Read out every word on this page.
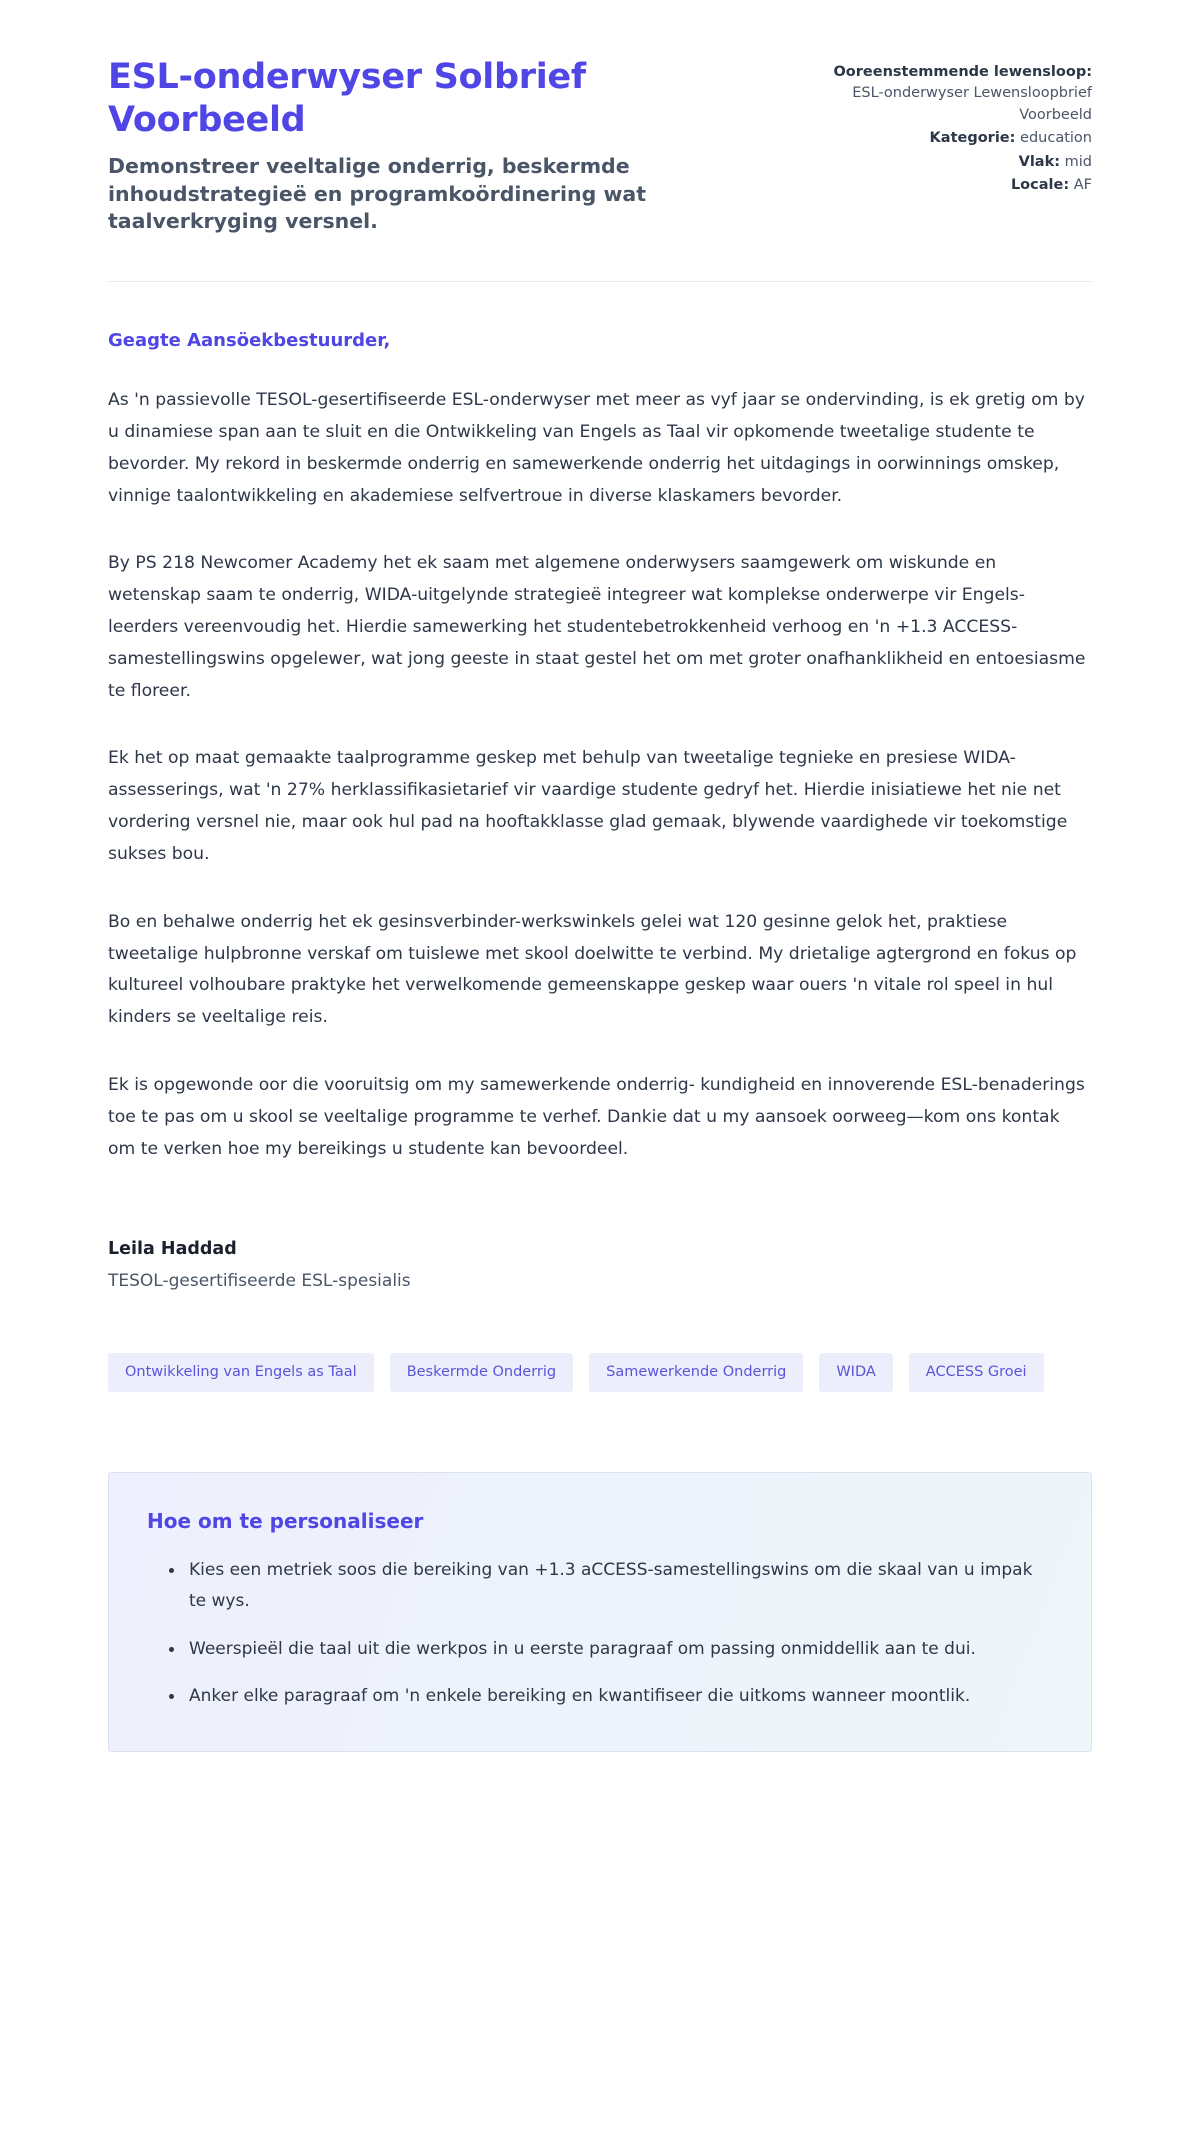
ESL-onderwyser Solbrief Voorbeeld

Demonstreer veeltalige onderrig, beskermde inhoudstrategieë en programkoördinering wat taalverkryging versnel.

Ooreenstemmende lewensloop: ESL-onderwyser Lewensloopbrief Voorbeeld
Kategorie: education
Vlak: mid
Locale: AF

Geagte Aansöekbestuurder,

As 'n passievolle TESOL-gesertifiseerde ESL-onderwyser met meer as vyf jaar se ondervinding, is ek gretig om by u dinamiese span aan te sluit en die Ontwikkeling van Engels as Taal vir opkomende tweetalige studente te bevorder. My rekord in beskermde onderrig en samewerkende onderrig het uitdagings in oorwinnings omskep, vinnige taalontwikkeling en akademiese selfvertroue in diverse klaskamers bevorder.

By PS 218 Newcomer Academy het ek saam met algemene onderwysers saamgewerk om wiskunde en wetenskap saam te onderrig, WIDA-uitgelynde strategieë integreer wat komplekse onderwerpe vir Engels-leerders vereenvoudig het. Hierdie samewerking het studentebetrokkenheid verhoog en 'n +1.3 ACCESS-samestellingswins opgelewer, wat jong geeste in staat gestel het om met groter onafhanklikheid en entoesiasme te floreer.

Ek het op maat gemaakte taalprogramme geskep met behulp van tweetalige tegnieke en presiese WIDA-assesserings, wat 'n 27% herklassifikasietarief vir vaardige studente gedryf het. Hierdie inisiatiewe het nie net vordering versnel nie, maar ook hul pad na hooftakklasse glad gemaak, blywende vaardighede vir toekomstige sukses bou.

Bo en behalwe onderrig het ek gesinsverbinder-werkswinkels gelei wat 120 gesinne gelok het, praktiese tweetalige hulpbronne verskaf om tuislewe met skool doelwitte te verbind. My drietalige agtergrond en fokus op kultureel volhoubare praktyke het verwelkomende gemeenskappe geskep waar ouers 'n vitale rol speel in hul kinders se veeltalige reis.

Ek is opgewonde oor die vooruitsig om my samewerkende onderrig- kundigheid en innoverende ESL-benaderings toe te pas om u skool se veeltalige programme te verhef. Dankie dat u my aansoek oorweeg—kom ons kontak om te verken hoe my bereikings u studente kan bevoordeel.

Leila Haddad

TESOL-gesertifiseerde ESL-spesialis

Ontwikkeling van Engels as Taal	Beskermde Onderrig	Samewerkende Onderrig	WIDA	ACCESS Groei
Hoe om te personaliseer
Kies een metriek soos die bereiking van +1.3 aCCESS-samestellingswins om die skaal van u impak te wys.
Weerspieël die taal uit die werkpos in u eerste paragraaf om passing onmiddellik aan te dui.
Anker elke paragraaf om 'n enkele bereiking en kwantifiseer die uitkoms wanneer moontlik.
